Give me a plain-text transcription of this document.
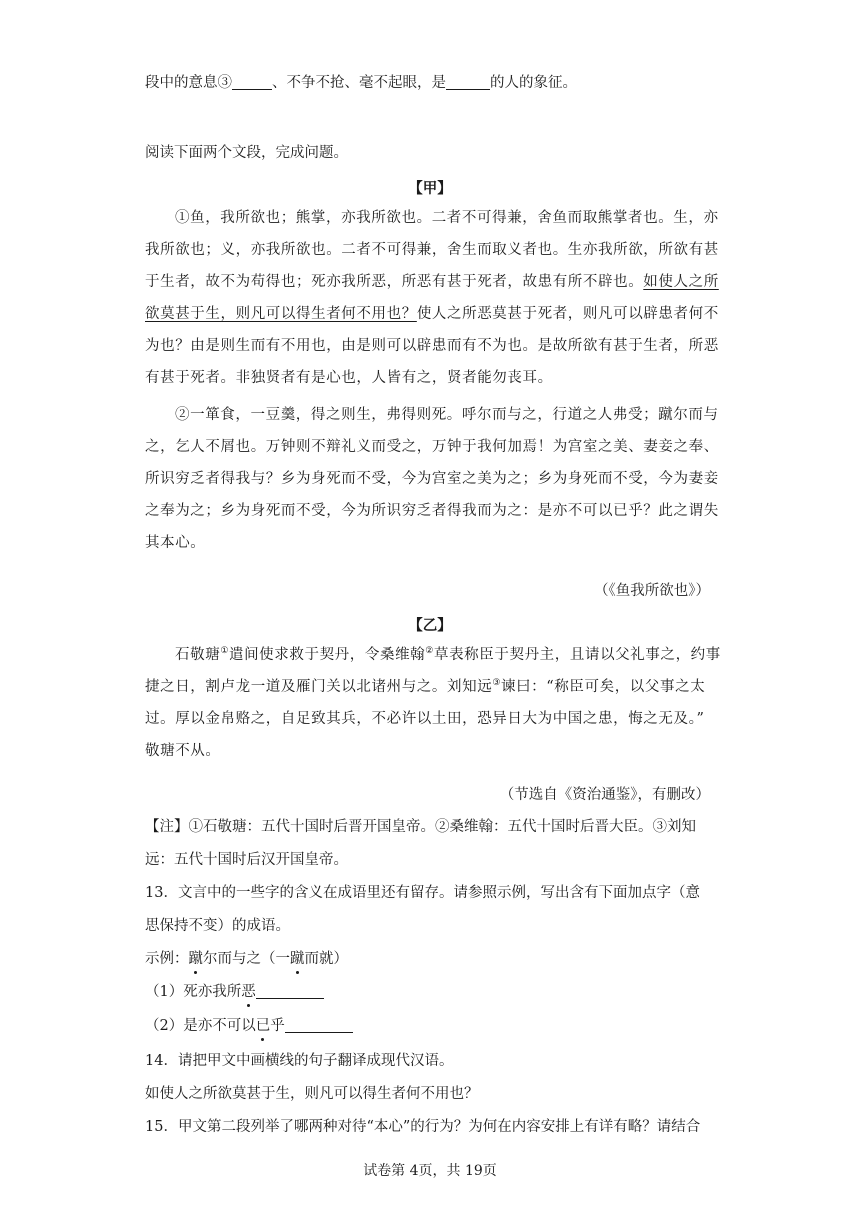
段中的意息③	、不争不抢、毫不起眼，是	的人的象征。
阅读下面两个文段，完成问题。
【甲】
①鱼，我所欲也；熊掌，亦我所欲也。二者不可得兼，舍鱼而取熊掌者也。生，亦
我所欲也；义，亦我所欲也。二者不可得兼，舍生而取义者也。生亦我所欲，所欲有甚
于生者，故不为苟得也；死亦我所恶，所恶有甚于死者，故患有所不辟也。如使人之所
欲莫甚于生，则凡可以得生者何不用也？使人之所恶莫甚于死者，则凡可以辟患者何不
为也？由是则生而有不用也，由是则可以辟患而有不为也。是故所欲有甚于生者，所恶
有甚于死者。非独贤者有是心也，人皆有之，贤者能勿丧耳。
②一箪食，一豆羹，得之则生，弗得则死。呼尔而与之，行道之人弗受；蹴尔而与
之，乞人不屑也。万钟则不辩礼义而受之，万钟于我何加焉！为宫室之美、妻妾之奉、
所识穷乏者得我与？乡为身死而不受，今为宫室之美为之；乡为身死而不受，今为妻妾
之奉为之；乡为身死而不受，今为所识穷乏者得我而为之：是亦不可以已乎？此之谓失
其本心。
（《鱼我所欲也》）
【乙】
石敬瑭①遣间使求救于契丹，令桑维翰②草表称臣于契丹主，且请以父礼事之，约事
捷之日，割卢龙一道及雁门关以北诸州与之。刘知远③谏曰：“称臣可矣，以父事之太
过。厚以金帛赂之，自足致其兵，不必许以土田，恐异日大为中国之患，悔之无及。”
敬瑭不从。
（节选自《资治通鉴》，有删改）
【注】①石敬瑭：五代十国时后晋开国皇帝。②桑维翰：五代十国时后晋大臣。③刘知
远：五代十国时后汉开国皇帝。
13．文言中的一些字的含义在成语里还有留存。请参照示例，写出含有下面加点字（意
思保持不变）的成语。
示例：蹴尔而与之（一蹴而就）
（1）死亦我所恶
（2）是亦不可以已乎
14．请把甲文中画横线的句子翻译成现代汉语。
如使人之所欲莫甚于生，则凡可以得生者何不用也？
15．甲文第二段列举了哪两种对待“本心”的行为？为何在内容安排上有详有略？请结合
试卷第 4页，共 19页
